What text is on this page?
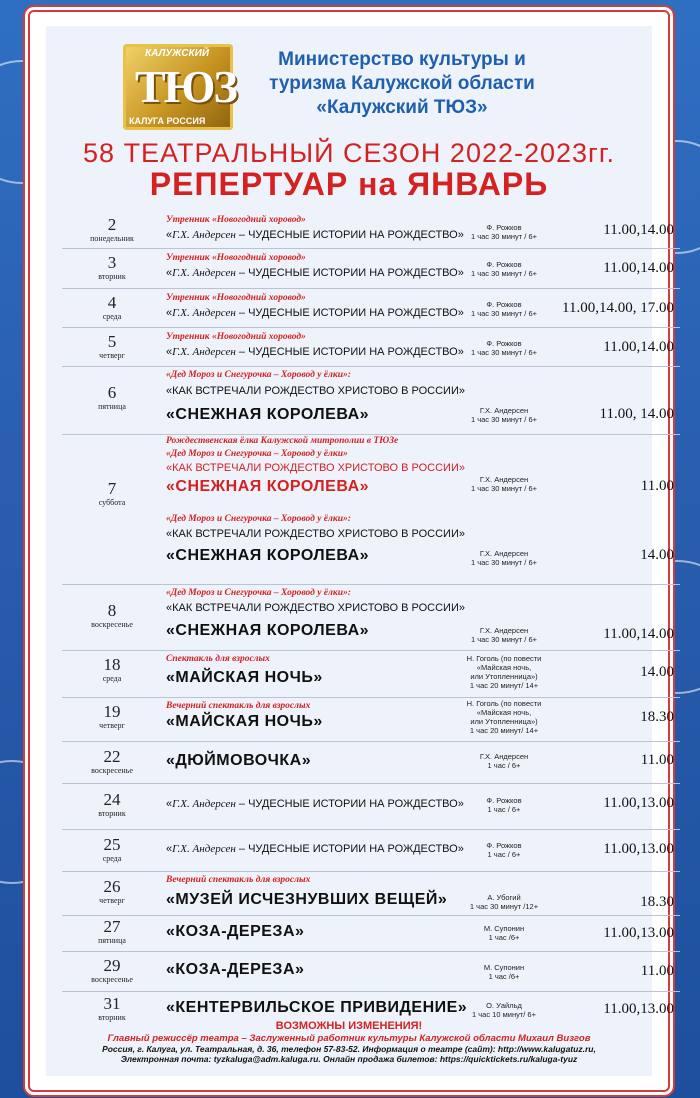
КАЛУЖСКИЙ
ТЮЗ
КАЛУГА РОССИЯ
Министерство культуры и
туризма Калужской области
«Калужский ТЮЗ»
58 ТЕАТРАЛЬНЫЙ СЕЗОН 2022-2023гг.
РЕПЕРТУАР на ЯНВАРЬ
2
понедельник
Утренник «Новогодний хоровод»
«Г.Х. Андерсен – ЧУДЕСНЫЕ ИСТОРИИ НА РОЖДЕСТВО»
Ф. Рожков
1 час 30 минут / 6+	11.00,14.00
3
вторник
Утренник «Новогодний хоровод»
«Г.Х. Андерсен – ЧУДЕСНЫЕ ИСТОРИИ НА РОЖДЕСТВО»
Ф. Рожков
1 час 30 минут / 6+	11.00,14.00
4
среда
Утренник «Новогодний хоровод»
«Г.Х. Андерсен – ЧУДЕСНЫЕ ИСТОРИИ НА РОЖДЕСТВО»
Ф. Рожков
1 час 30 минут / 6+	11.00,14.00, 17.00
5
четверг
Утренник «Новогодний хоровод»
«Г.Х. Андерсен – ЧУДЕСНЫЕ ИСТОРИИ НА РОЖДЕСТВО»
Ф. Рожков
1 час 30 минут / 6+	11.00,14.00
6
пятница
«Дед Мороз и Снегурочка – Хоровод у ёлки»:
«КАК ВСТРЕЧАЛИ РОЖДЕСТВО ХРИСТОВО В РОССИИ»
«СНЕЖНАЯ КОРОЛЕВА»	Г.Х. Андерсен
1 час 30 минут / 6+	11.00, 14.00
7
суббота
Рождественская ёлка Калужской митрополии в ТЮЗе
«Дед Мороз и Снегурочка – Хоровод у ёлки»
«КАК ВСТРЕЧАЛИ РОЖДЕСТВО ХРИСТОВО В РОССИИ»
«СНЕЖНАЯ КОРОЛЕВА»	Г.Х. Андерсен
1 час 30 минут / 6+	11.00
«Дед Мороз и Снегурочка – Хоровод у ёлки»:
«КАК ВСТРЕЧАЛИ РОЖДЕСТВО ХРИСТОВО В РОССИИ»
«СНЕЖНАЯ КОРОЛЕВА»	Г.Х. Андерсен
1 час 30 минут / 6+	14.00
8
воскресенье
«Дед Мороз и Снегурочка – Хоровод у ёлки»:
«КАК ВСТРЕЧАЛИ РОЖДЕСТВО ХРИСТОВО В РОССИИ»
«СНЕЖНАЯ КОРОЛЕВА»	Г.Х. Андерсен
1 час 30 минут / 6+	11.00,14.00
18
среда
Спектакль для взрослых
«МАЙСКАЯ НОЧЬ»
Н. Гоголь (по повести
«Майская ночь,
или Утопленница»)
1 час 20 минут/ 14+
14.00
19
четверг
Вечерний спектакль для взрослых
«МАЙСКАЯ НОЧЬ»
Н. Гоголь (по повести
«Майская ночь,
или Утопленница»)
1 час 20 минут/ 14+
18.30
22
воскресенье
«ДЮЙМОВОЧКА»	Г.Х. Андерсен
1 час / 6+	11.00
24
вторник
«Г.Х. Андерсен – ЧУДЕСНЫЕ ИСТОРИИ НА РОЖДЕСТВО»	Ф. Рожков
1 час / 6+	11.00,13.00
25
среда
«Г.Х. Андерсен – ЧУДЕСНЫЕ ИСТОРИИ НА РОЖДЕСТВО»	Ф. Рожков
1 час / 6+	11.00,13.00
26
четверг
Вечерний спектакль для взрослых
«МУЗЕЙ ИСЧЕЗНУВШИХ ВЕЩЕЙ»	А. Убогий
1 час 30 минут /12+	18.30
27
пятница
«КОЗА-ДЕРЕЗА»	М. Супонин
1 час /6+	11.00,13.00
29
воскресенье
«КОЗА-ДЕРЕЗА»	М. Супонин
1 час /6+	11.00
31
вторник
«КЕНТЕРВИЛЬСКОЕ ПРИВИДЕНИЕ»	О. Уайльд
1 час 10 минут/ 6+	11.00,13.00
ВОЗМОЖНЫ ИЗМЕНЕНИЯ!
Главный режиссёр театра – Заслуженный работник культуры Калужской области Михаил Визгов
Россия, г. Калуга, ул. Театральная, д. 36, телефон 57-83-52. Информация о театре (сайт): http://www.kalugatuz.ru,
Электронная почта: tyzkaluga@adm.kaluga.ru. Онлайн продажа билетов: https://quicktickets.ru/kaluga-tyuz
